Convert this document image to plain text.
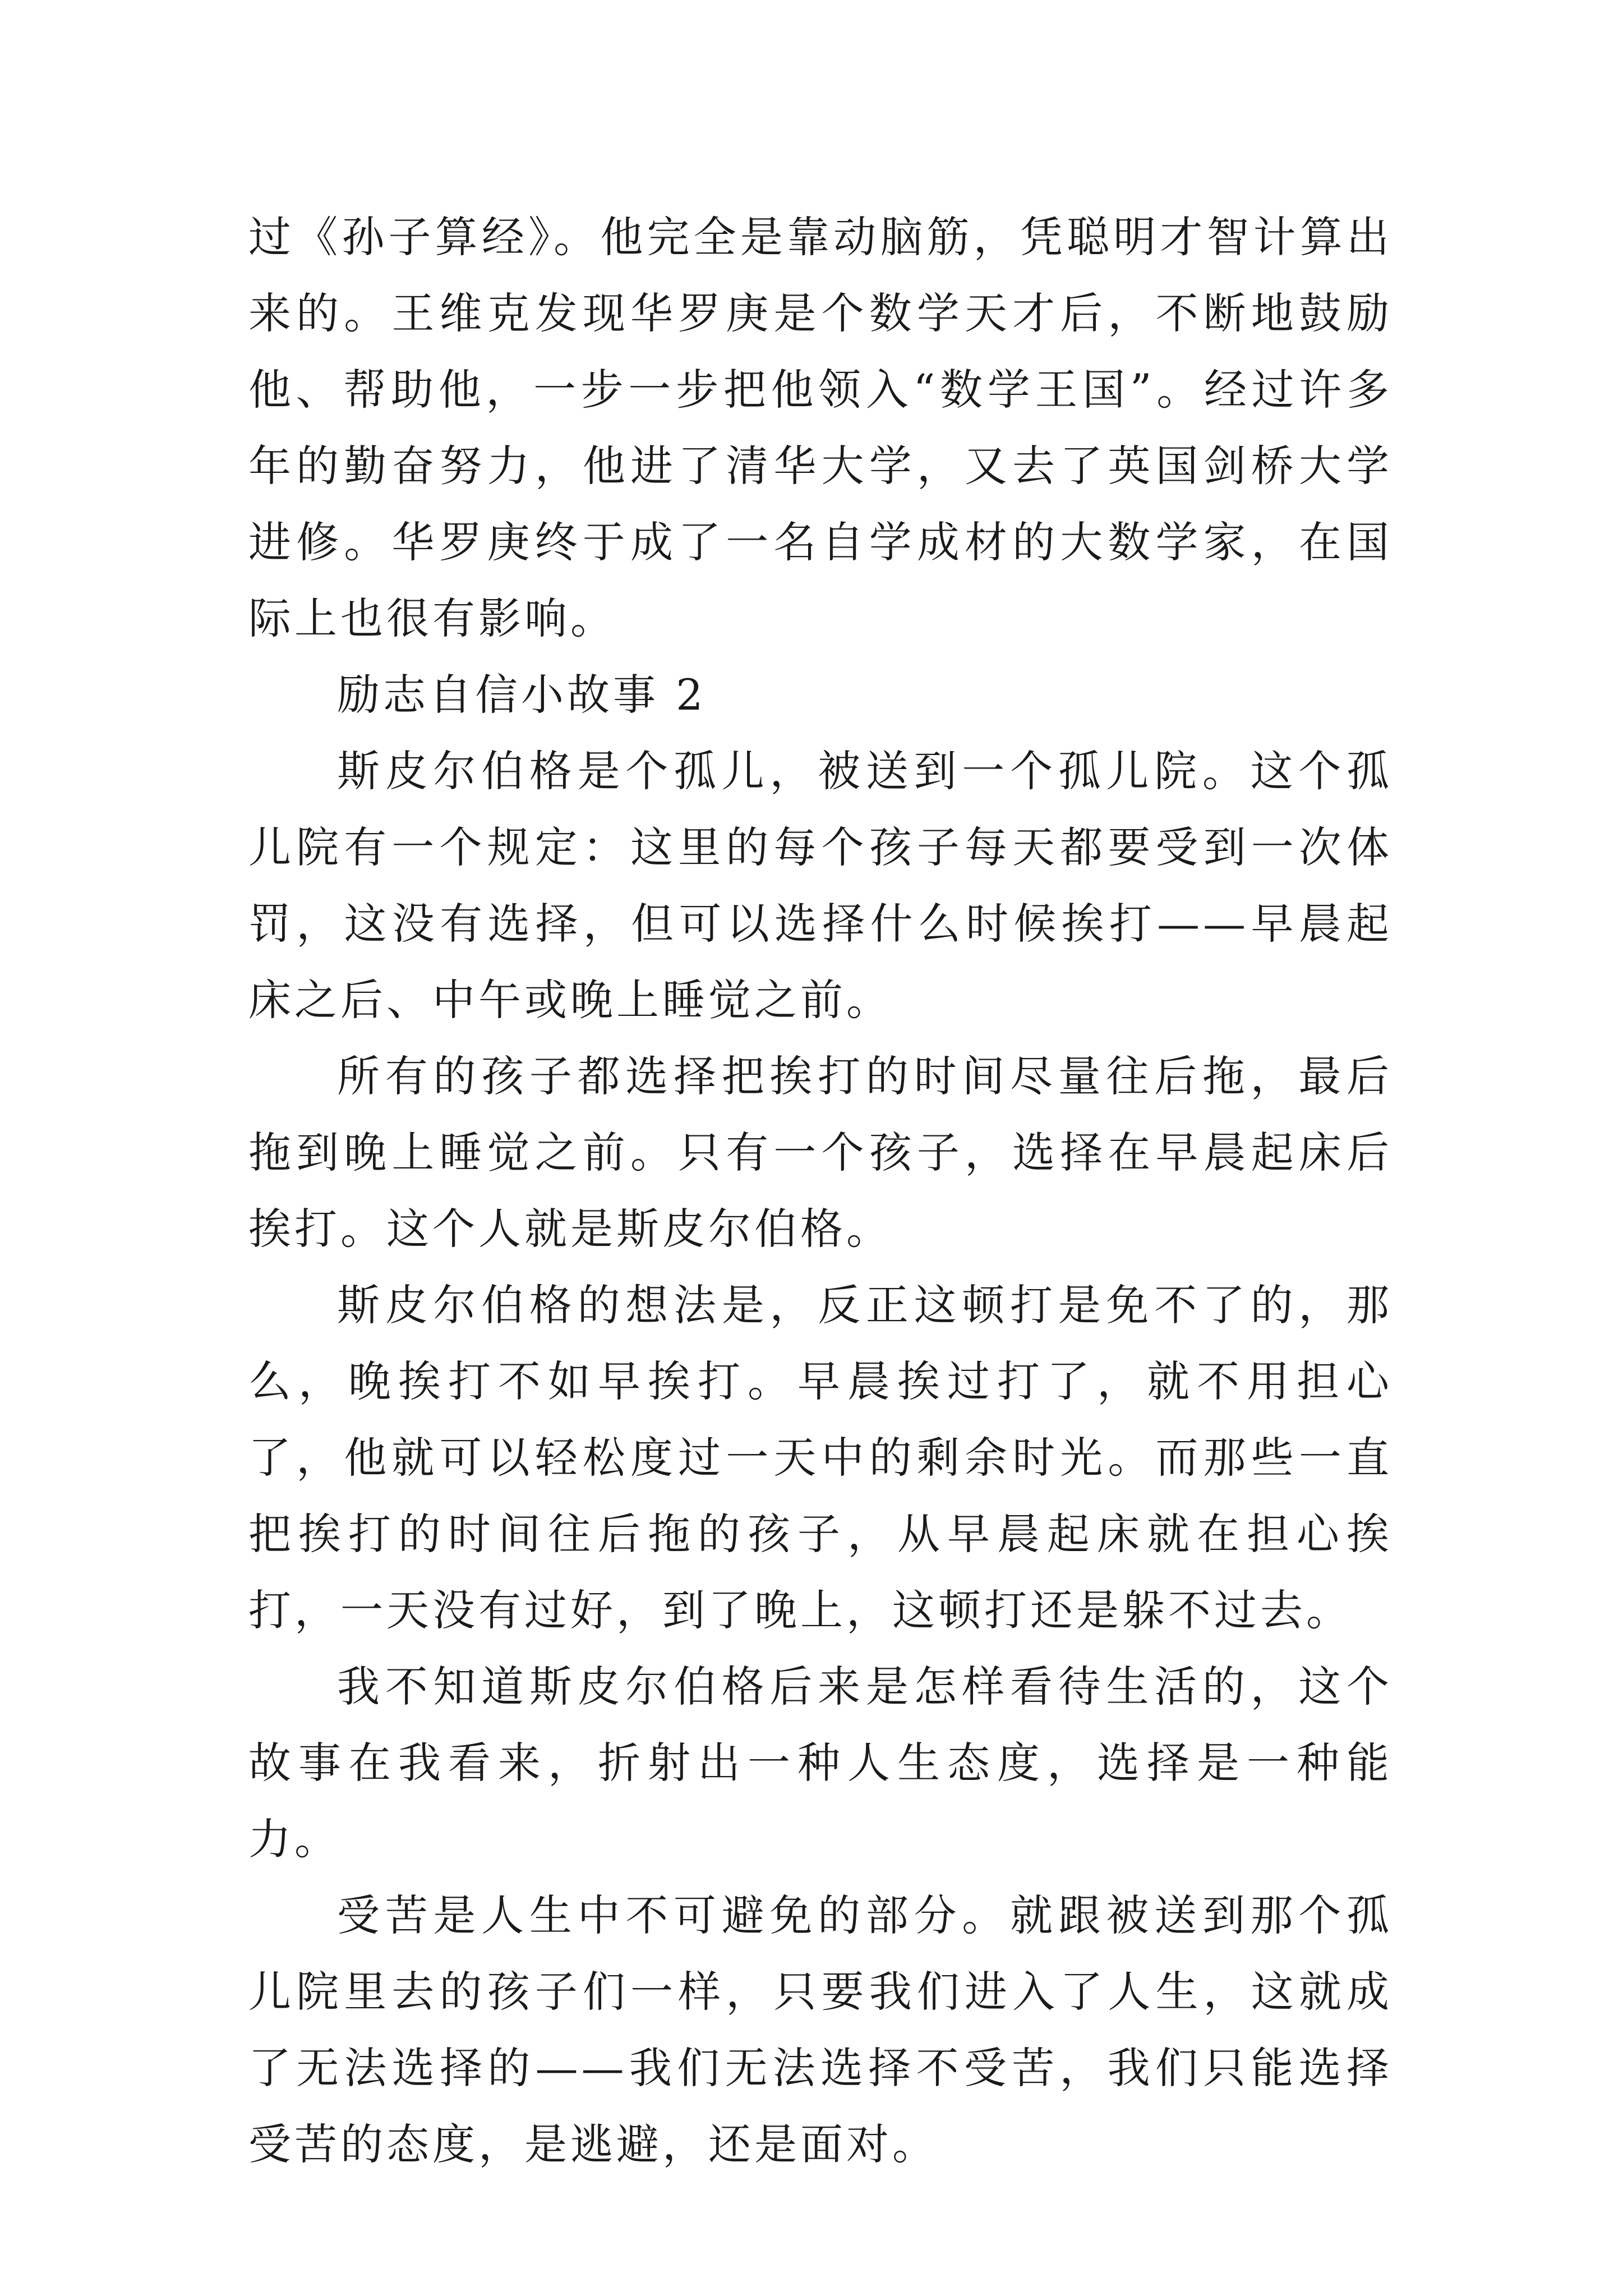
过《孙子算经》。他完全是靠动脑筋，凭聪明才智计算出来的。王维克发现华罗庚是个数学天才后，不断地鼓励他、帮助他，一步一步把他领入“数学王国”。经过许多年的勤奋努力，他进了清华大学，又去了英国剑桥大学进修。华罗庚终于成了一名自学成材的大数学家，在国际上也很有影响。

励志自信小故事 2

斯皮尔伯格是个孤儿，被送到一个孤儿院。这个孤儿院有一个规定：这里的每个孩子每天都要受到一次体罚，这没有选择，但可以选择什么时候挨打——早晨起床之后、中午或晚上睡觉之前。

所有的孩子都选择把挨打的时间尽量往后拖，最后拖到晚上睡觉之前。只有一个孩子，选择在早晨起床后挨打。这个人就是斯皮尔伯格。

斯皮尔伯格的想法是，反正这顿打是免不了的，那么，晚挨打不如早挨打。早晨挨过打了，就不用担心了，他就可以轻松度过一天中的剩余时光。而那些一直把挨打的时间往后拖的孩子，从早晨起床就在担心挨打，一天没有过好，到了晚上，这顿打还是躲不过去。

我不知道斯皮尔伯格后来是怎样看待生活的，这个故事在我看来，折射出一种人生态度，选择是一种能力。

受苦是人生中不可避免的部分。就跟被送到那个孤儿院里去的孩子们一样，只要我们进入了人生，这就成了无法选择的——我们无法选择不受苦，我们只能选择受苦的态度，是逃避，还是面对。
